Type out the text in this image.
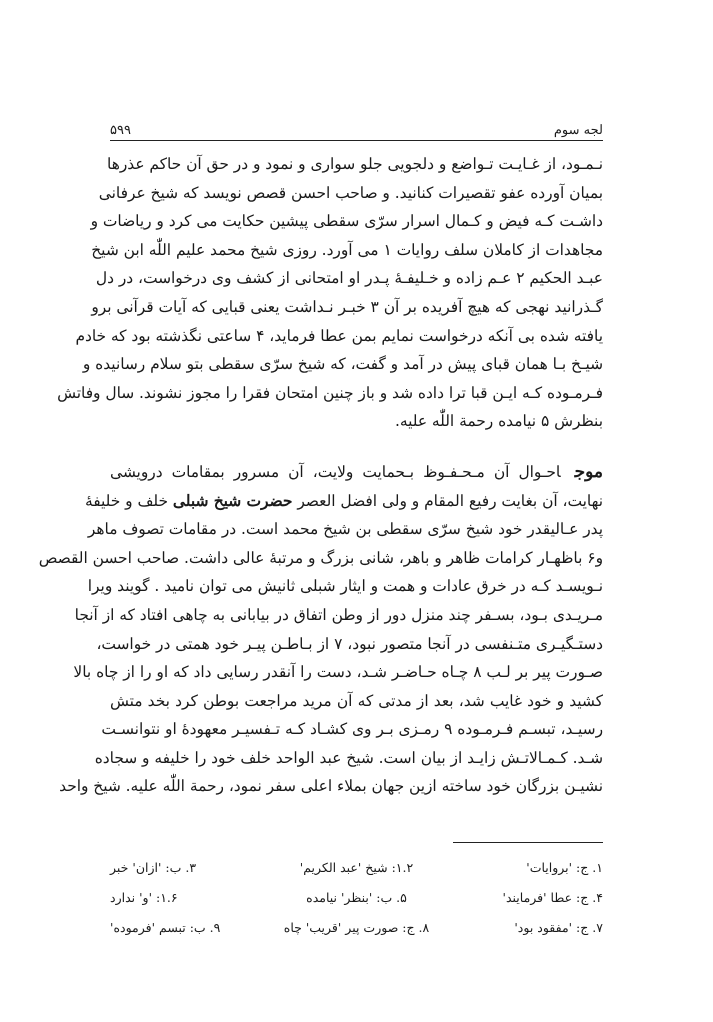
لجه سوم
۵۹۹
نـمـود، از غـایـت تـواضع و دلجویی جلو سواری و نمود و در حق آن حاکم عذرها
بمیان آورده عفو تقصیرات کنانید. و صاحب احسن قصص نویسد که شیخ عرفانی
داشـت کـه فیض و کـمال اسرار سرّی سقطی پیشین حکایت می کرد و ریاضات و
مجاهدات از کاملان سلف روایات ۱ می آورد. روزی شیخ محمد علیم اللّٰه ابن شیخ
عبـد الحکیم ۲ عـم زاده و خـلیفـهٔ پـدر او امتحانی از کشف وی درخواست، در دل
گـذرانید نهجی که هیچ آفریده بر آن ۳ خبـر نـداشت یعنی قبایی که آیات قرآنی برو
یافته شده بی آنکه درخواست نمایم بمن عطا فرماید، ۴ ساعتی نگذشته بود که خادم
شیـخ بـا همان قبای پیش در آمد و گفت، که شیخ سرّی سقطی بتو سلام رسانیده و
فـرمـوده کـه ایـن قبا ترا داده شد و باز چنین امتحان فقرا را مجوز نشوند. سال وفاتش
بنظرش ۵ نیامده رحمة اللّٰه علیه.
موجاحـوال آن مـحـفـوظ بـحمایت ولایت، آن مسرور بمقامات درویشی
نهایت، آن بغایت رفیع المقام و ولی افضل العصر حضرت شیخ شبلی خلف و خلیفهٔ
پدر عـالیقدر خود شیخ سرّی سقطی بن شیخ محمد است. در مقامات تصوف ماهر
و۶ باظهـار کرامات ظاهر و باهر، شانی بزرگ و مرتبهٔ عالی داشت. صاحب احسن القصص
نـویسـد کـه در خرق عادات و همت و ایثار شبلی ثانیش می توان نامید . گویند ویرا
مـریـدی بـود، بسـفر چند منزل دور از وطن اتفاق در بیابانی به چاهی افتاد که از آنجا
دستـگیـری متـنفسی در آنجا متصور نبود، ۷ از بـاطـن پیـر خود همتی در خواست،
صـورت پیر بر لـب ۸ چـاه حـاضـر شـد، دست را آنقدر رسایی داد که او را از چاه بالا
کشید و خود غایب شد، بعد از مدتی که آن مرید مراجعت بوطن کرد بخد متش
رسیـد، تبسـم فـرمـوده ۹ رمـزی بـر وی کشـاد کـه تـفسیـر معهودهٔ او نتوانسـت
شـد. کـمـالاتـش زایـد از بیان است. شیخ عبد الواحد خلف خود را خلیفه و سجاده
نشیـن بزرگان خود ساخته ازین جهان بملاء اعلی سفر نمود، رحمة اللّٰه علیه. شیخ واحد
۱. ج: 'بروایات'
۱.۲: شیخ 'عبد الکریم'
۳. ب: 'ازان' خبر
۴. ج: عطا 'فرمایند'
۵. ب: 'بنظر' نیامده
۱.۶: 'و' ندارد
۷. ج: 'مفقود بود'
۸. ج: صورت پیر 'قریب' چاه
۹. ب: تبسم 'فرموده'
